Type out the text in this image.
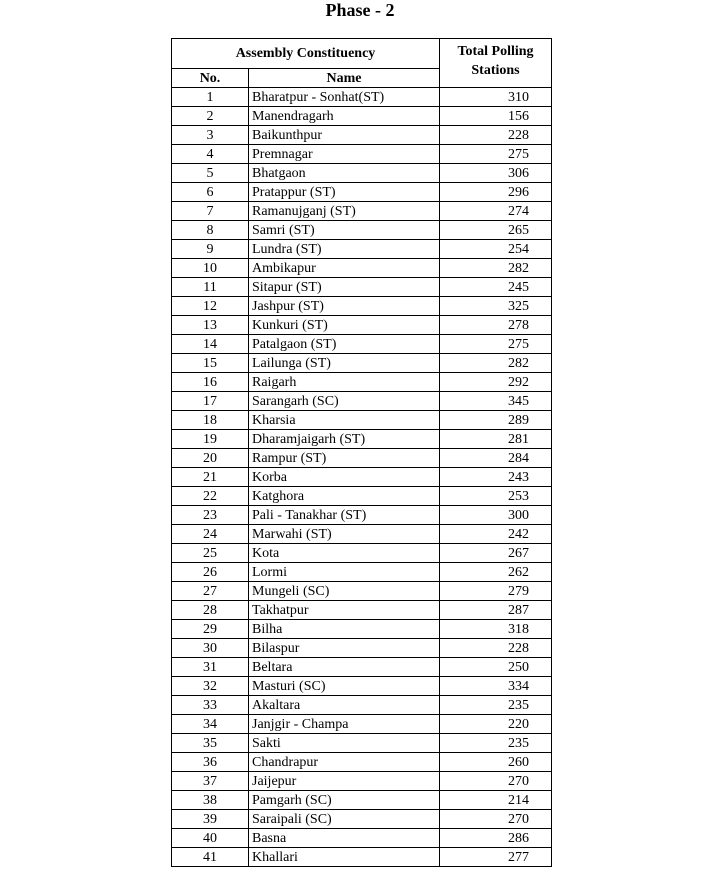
Phase - 2
Assembly Constituency		Total Polling Stations
No.	Name	
1	Bharatpur - Sonhat(ST)	310
2	Manendragarh	156
3	Baikunthpur	228
4	Premnagar	275
5	Bhatgaon	306
6	Pratappur (ST)	296
7	Ramanujganj (ST)	274
8	Samri (ST)	265
9	Lundra (ST)	254
10	Ambikapur	282
11	Sitapur (ST)	245
12	Jashpur (ST)	325
13	Kunkuri (ST)	278
14	Patalgaon (ST)	275
15	Lailunga (ST)	282
16	Raigarh	292
17	Sarangarh (SC)	345
18	Kharsia	289
19	Dharamjaigarh (ST)	281
20	Rampur (ST)	284
21	Korba	243
22	Katghora	253
23	Pali - Tanakhar (ST)	300
24	Marwahi (ST)	242
25	Kota	267
26	Lormi	262
27	Mungeli (SC)	279
28	Takhatpur	287
29	Bilha	318
30	Bilaspur	228
31	Beltara	250
32	Masturi (SC)	334
33	Akaltara	235
34	Janjgir - Champa	220
35	Sakti	235
36	Chandrapur	260
37	Jaijepur	270
38	Pamgarh (SC)	214
39	Saraipali (SC)	270
40	Basna	286
41	Khallari	277
